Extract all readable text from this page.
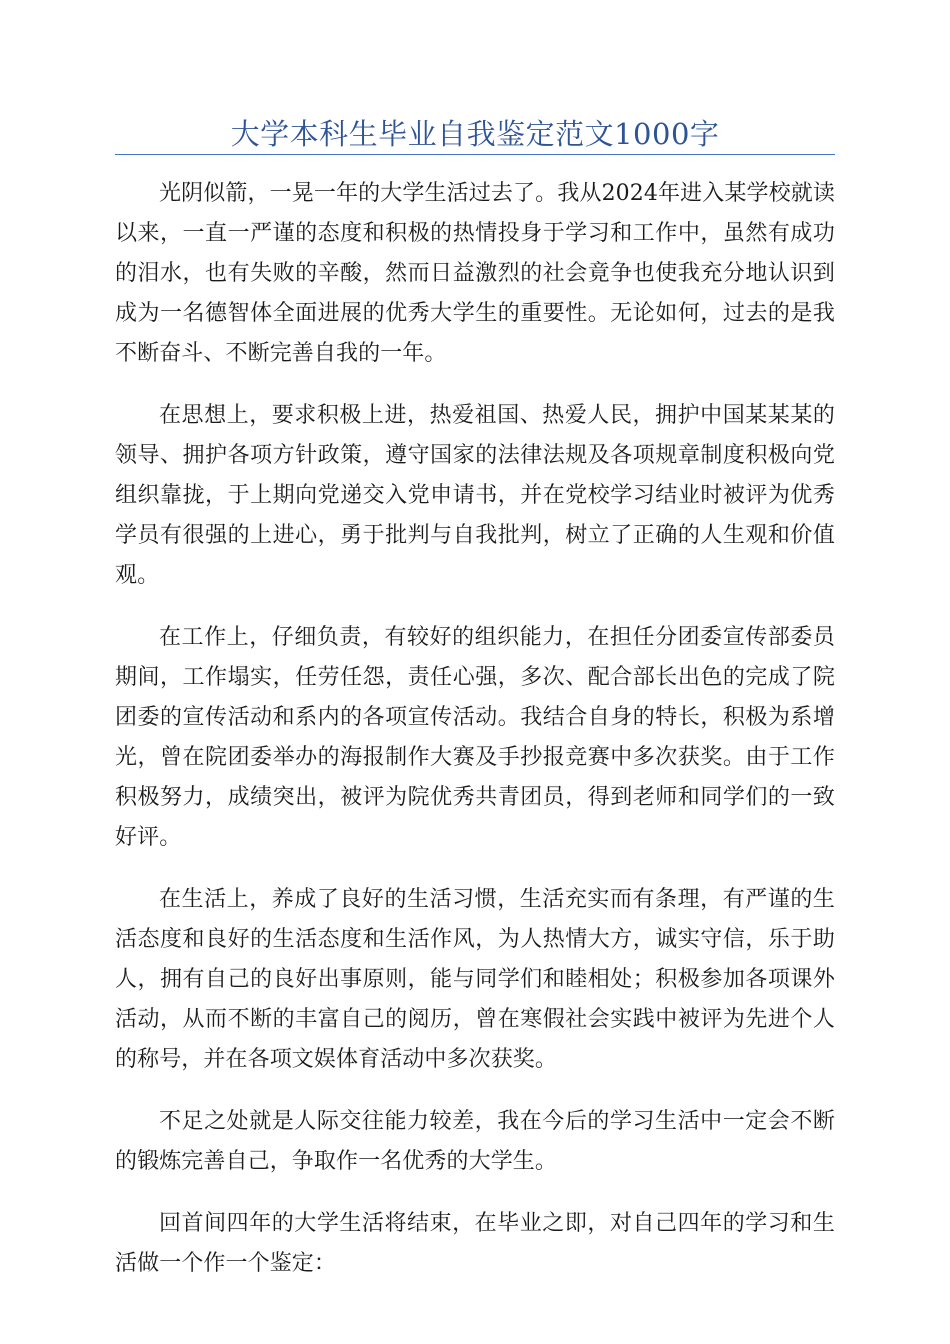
大学本科生毕业自我鉴定范文1000字

光阴似箭，一晃一年的大学生活过去了。我从2024年进入某学校就读以来，一直一严谨的态度和积极的热情投身于学习和工作中，虽然有成功的泪水，也有失败的辛酸，然而日益激烈的社会竟争也使我充分地认识到成为一名德智体全面进展的优秀大学生的重要性。无论如何，过去的是我不断奋斗、不断完善自我的一年。

在思想上，要求积极上进，热爱祖国、热爱人民，拥护中国某某某的领导、拥护各项方针政策，遵守国家的法律法规及各项规章制度积极向党组织靠拢，于上期向党递交入党申请书，并在党校学习结业时被评为优秀学员有很强的上进心，勇于批判与自我批判，树立了正确的人生观和价值观。

在工作上，仔细负责，有较好的组织能力，在担任分团委宣传部委员期间，工作塌实，任劳任怨，责任心强，多次、配合部长出色的完成了院团委的宣传活动和系内的各项宣传活动。我结合自身的特长，积极为系增光，曾在院团委举办的海报制作大赛及手抄报竞赛中多次获奖。由于工作积极努力，成绩突出，被评为院优秀共青团员，得到老师和同学们的一致好评。

在生活上，养成了良好的生活习惯，生活充实而有条理，有严谨的生活态度和良好的生活态度和生活作风，为人热情大方，诚实守信，乐于助人，拥有自己的良好出事原则，能与同学们和睦相处；积极参加各项课外活动，从而不断的丰富自己的阅历，曾在寒假社会实践中被评为先进个人的称号，并在各项文娱体育活动中多次获奖。

不足之处就是人际交往能力较差，我在今后的学习生活中一定会不断的锻炼完善自己，争取作一名优秀的大学生。

回首间四年的大学生活将结束，在毕业之即，对自己四年的学习和生活做一个作一个鉴定：
